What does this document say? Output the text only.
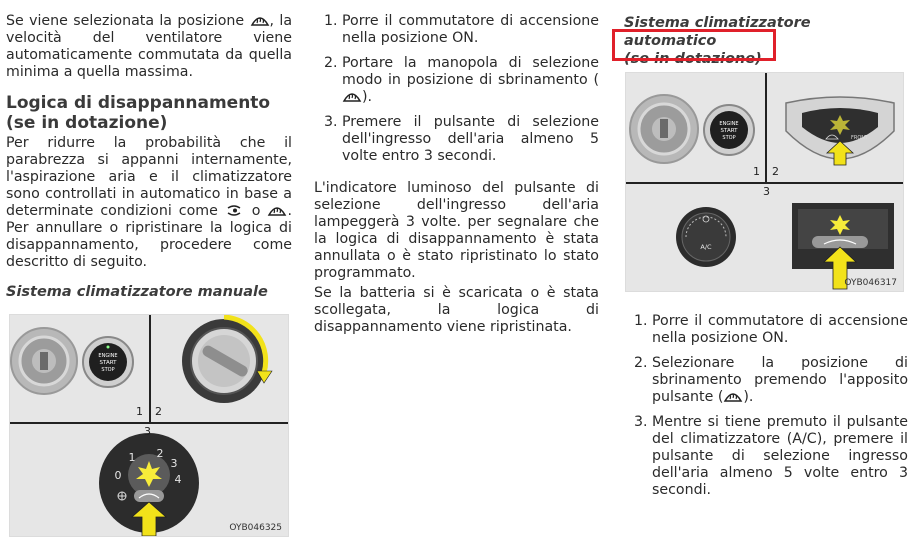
Se viene selezionata la posizione , la velocità del ventilatore viene automaticamente commutata da quella minima a quella massima.

Logica di disappannamento (se in dotazione)

Per ridurre la probabilità che il parabrezza si appanni internamente, l'aspirazione aria e il climatizzatore sono controllati in automatico in base a determinate condizioni come  o . Per annullare o ripristinare la logica di disappannamento, procedere come descritto di seguito.

Sistema climatizzatore manuale
ENGINE
START
STOP
0
1 2
3
4
1 2
3
OYB046325
1. Porre il commutatore di accensione nella posizione ON.
2. Portare la manopola di selezione modo in posizione di sbrinamento ().
3. Premere il pulsante di selezione dell'ingresso dell'aria almeno 5 volte entro 3 secondi.

L'indicatore luminoso del pulsante di selezione dell'ingresso dell'aria lampeggerà 3 volte. per segnalare che la logica di disappannamento è stata annullata o è stato ripristinato lo stato programmato.

Se la batteria si è scaricata o è stata scollegata, la logica di disappannamento viene ripristinata.

Sistema climatizzatore automatico
(se in dotazione)
ENGINE
START
STOP	FRONT
A/C
1 2
3
OYB046317
1. Porre il commutatore di accensione nella posizione ON.
2. Selezionare la posizione di sbrinamento premendo l'apposito pulsante ( ).
3. Mentre si tiene premuto il pulsante del climatizzatore (A/C), premere il pulsante di selezione ingresso dell'aria almeno 5 volte entro 3 secondi.
